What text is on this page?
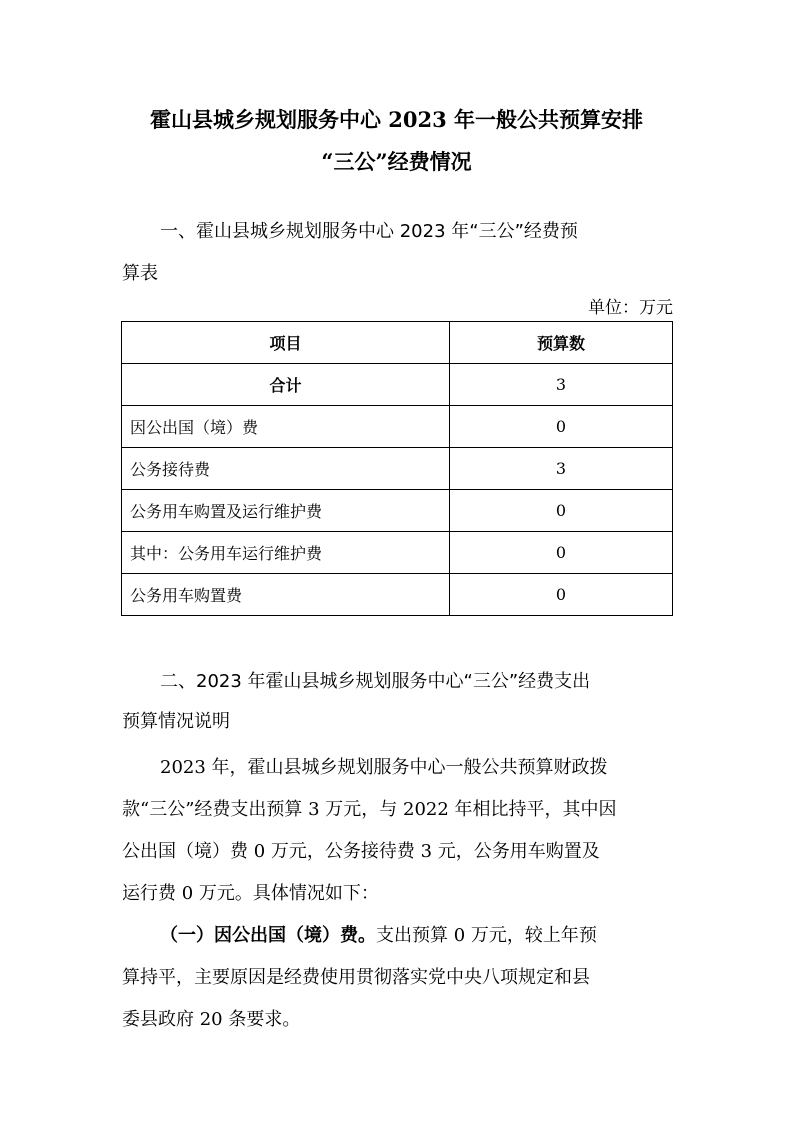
霍山县城乡规划服务中心 2023 年一般公共预算安排
“三公”经费情况
一、霍山县城乡规划服务中心 2023 年“三公”经费预
算表
单位：万元
项目	预算数
合计	3
因公出国（境）费	0
公务接待费	3
公务用车购置及运行维护费	0
其中：公务用车运行维护费	0
公务用车购置费	0
二、2023 年霍山县城乡规划服务中心“三公”经费支出
预算情况说明
2023 年，霍山县城乡规划服务中心一般公共预算财政拨
款“三公”经费支出预算 3 万元，与 2022 年相比持平，其中因
公出国（境）费 0 万元，公务接待费 3 元，公务用车购置及
运行费 0 万元。具体情况如下：
（一）因公出国（境）费。支出预算 0 万元，较上年预
算持平，主要原因是经费使用贯彻落实党中央八项规定和县
委县政府 20 条要求。
